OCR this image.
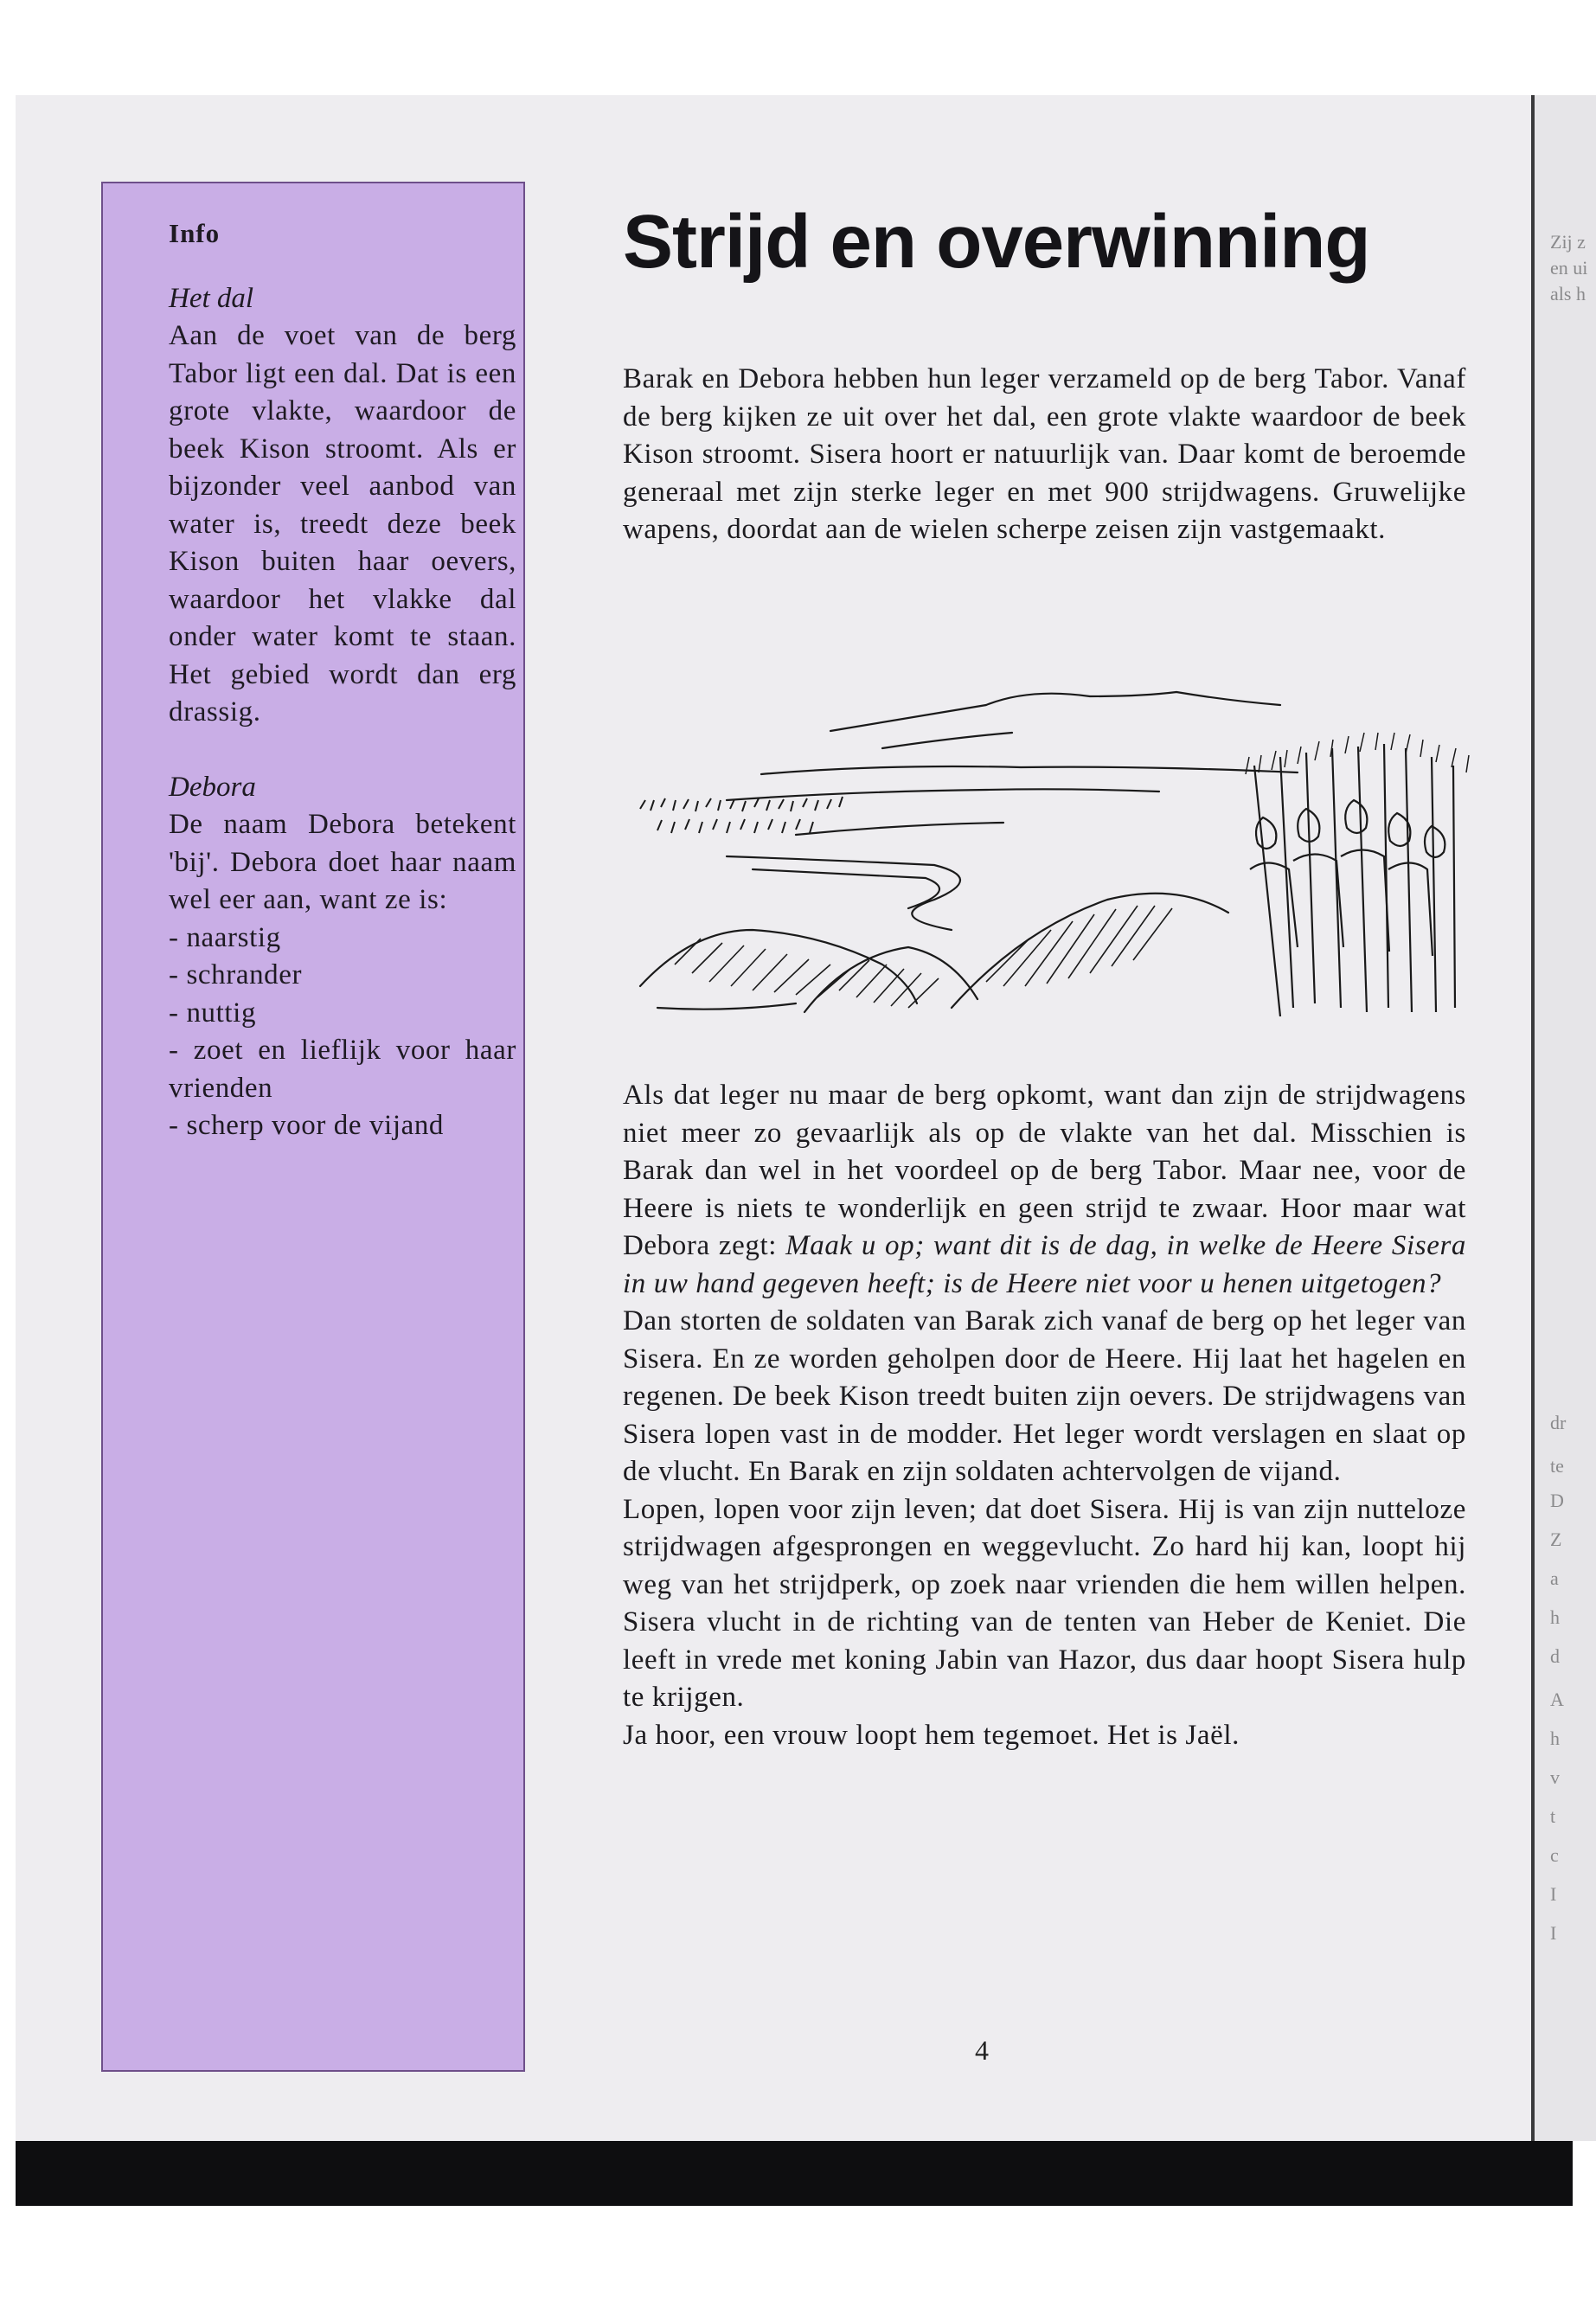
Zij z
en ui
als h
dr
te
D
Z
a
h
d
A
h
v
t
c
I
I
Info
Het dal
Aan de voet van de berg Tabor ligt een dal. Dat is een grote vlakte, waardoor de beek Kison stroomt. Als er bijzonder veel aanbod van water is, treedt deze beek Kison buiten haar oevers, waardoor het vlakke dal onder water komt te staan. Het gebied wordt dan erg drassig.
Debora
De naam Debora betekent 'bij'. Debora doet haar naam wel eer aan, want ze is:
- naarstig
- schrander
- nuttig
- zoet en lieflijk voor haar vrienden
- scherp voor de vijand
Strijd en overwinning

Barak en Debora hebben hun leger verzameld op de berg Tabor. Vanaf de berg kijken ze uit over het dal, een grote vlakte waardoor de beek Kison stroomt. Sisera hoort er natuurlijk van. Daar komt de beroemde generaal met zijn sterke leger en met 900 strijdwagens. Gruwelijke wapens, doordat aan de wielen scherpe zeisen zijn vastgemaakt.

Als dat leger nu maar de berg opkomt, want dan zijn de strijdwagens niet meer zo gevaarlijk als op de vlakte van het dal. Misschien is Barak dan wel in het voordeel op de berg Tabor. Maar nee, voor de Heere is niets te wonderlijk en geen strijd te zwaar. Hoor maar wat Debora zegt: Maak u op; want dit is de dag, in welke de Heere Sisera in uw hand gegeven heeft; is de Heere niet voor u henen uitgetogen?

Dan storten de soldaten van Barak zich vanaf de berg op het leger van Sisera. En ze worden geholpen door de Heere. Hij laat het hagelen en regenen. De beek Kison treedt buiten zijn oevers. De strijdwagens van Sisera lopen vast in de modder. Het leger wordt verslagen en slaat op de vlucht. En Barak en zijn soldaten achtervolgen de vijand.

Lopen, lopen voor zijn leven; dat doet Sisera. Hij is van zijn nutteloze strijdwagen afgesprongen en weggevlucht. Zo hard hij kan, loopt hij weg van het strijdperk, op zoek naar vrienden die hem willen helpen. Sisera vlucht in de richting van de tenten van Heber de Keniet. Die leeft in vrede met koning Jabin van Hazor, dus daar hoopt Sisera hulp te krijgen.

Ja hoor, een vrouw loopt hem tegemoet. Het is Jaël.

4
